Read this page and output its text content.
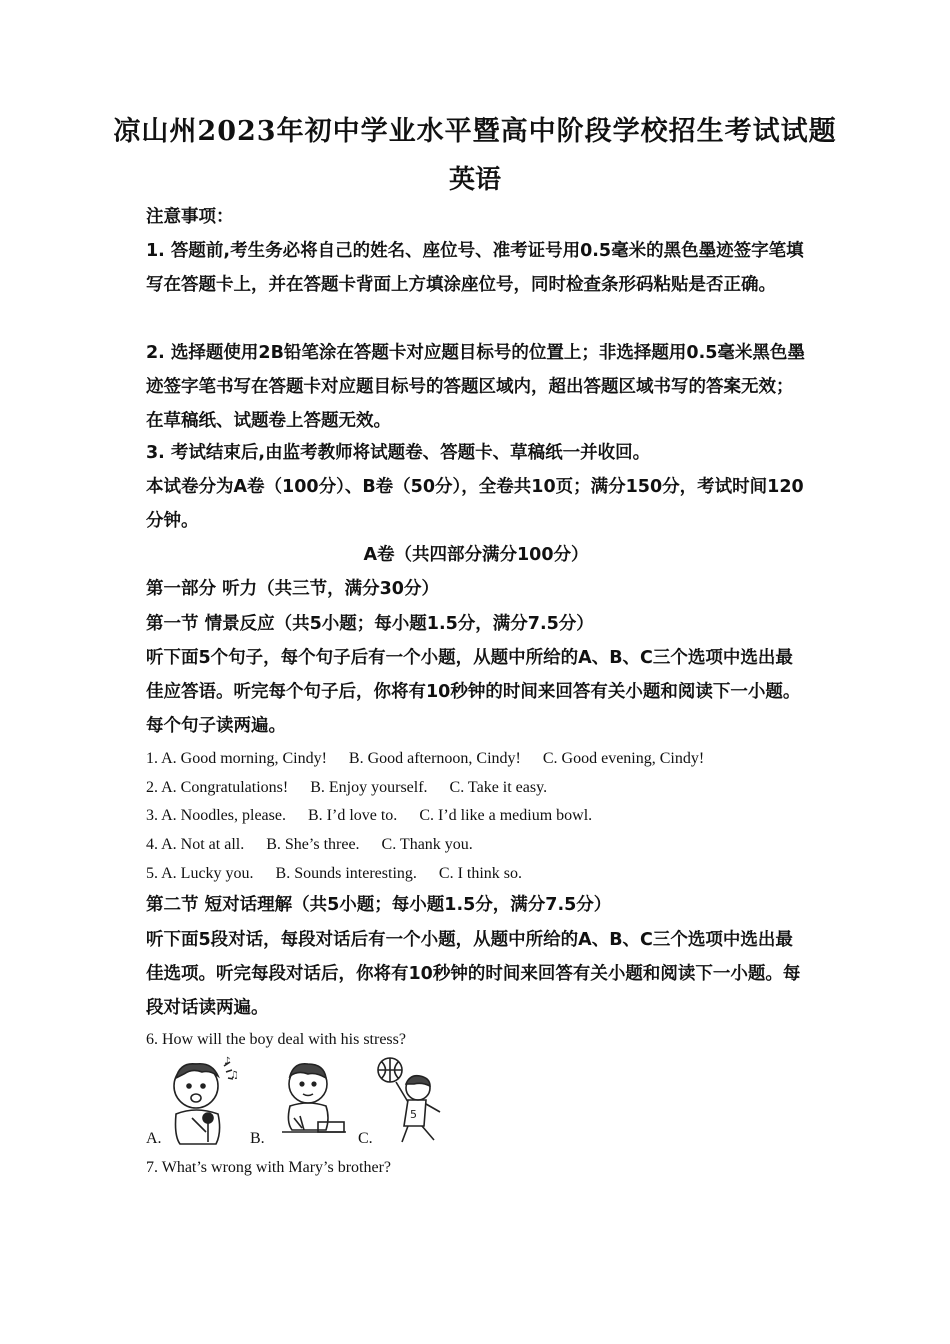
凉山州2023年初中学业水平暨高中阶段学校招生考试试题
英语

注意事项：

1. 答题前,考生务必将自己的姓名、座位号、准考证号用0.5毫米的黑色墨迹签字笔填写在答题卡上，并在答题卡背面上方填涂座位号，同时检查条形码粘贴是否正确。

2. 选择题使用2B铅笔涂在答题卡对应题目标号的位置上；非选择题用0.5毫米黑色墨迹签字笔书写在答题卡对应题目标号的答题区域内，超出答题区域书写的答案无效；在草稿纸、试题卷上答题无效。

3. 考试结束后,由监考教师将试题卷、答题卡、草稿纸一并收回。

本试卷分为A卷（100分）、B卷（50分），全卷共10页；满分150分，考试时间120分钟。

A卷（共四部分满分100分）

第一部分 听力（共三节，满分30分）

第一节 情景反应（共5小题；每小题1.5分，满分7.5分）

听下面5个句子，每个句子后有一个小题，从题中所给的A、B、C三个选项中选出最佳应答语。听完每个句子后，你将有10秒钟的时间来回答有关小题和阅读下一小题。每个句子读两遍。

1. A. Good morning, Cindy! B. Good afternoon, Cindy! C. Good evening, Cindy!
2. A. Congratulations! B. Enjoy yourself. C. Take it easy.
3. A. Noodles, please. B. I’d love to. C. I’d like a medium bowl.
4. A. Not at all. B. She’s three. C. Thank you.
5. A. Lucky you. B. Sounds interesting. C. I think so.

第二节 短对话理解（共5小题；每小题1.5分，满分7.5分）

听下面5段对话，每段对话后有一个小题，从题中所给的A、B、C三个选项中选出最佳选项。听完每段对话后，你将有10秒钟的时间来回答有关小题和阅读下一小题。每段对话读两遍。

6. How will the boy deal with his stress?
A.
♪
♫
B.	C.
5
7. What’s wrong with Mary’s brother?
